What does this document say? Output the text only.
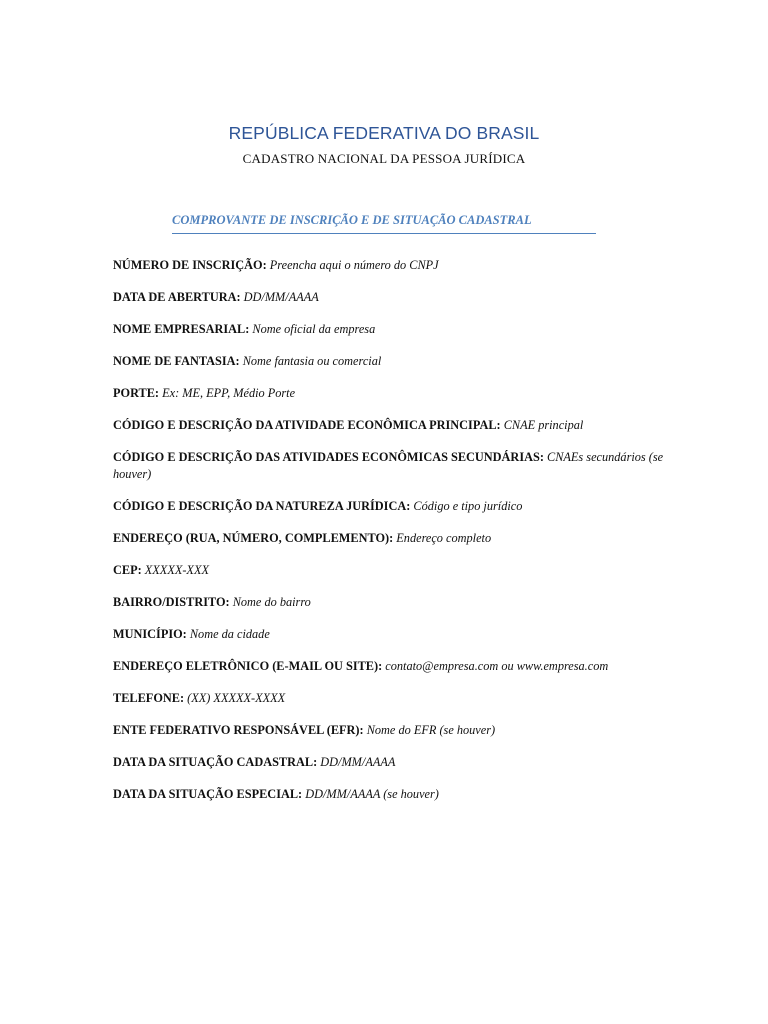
REPÚBLICA FEDERATIVA DO BRASIL
CADASTRO NACIONAL DA PESSOA JURÍDICA
COMPROVANTE DE INSCRIÇÃO E DE SITUAÇÃO CADASTRAL
NÚMERO DE INSCRIÇÃO: Preencha aqui o número do CNPJ
DATA DE ABERTURA: DD/MM/AAAA
NOME EMPRESARIAL: Nome oficial da empresa
NOME DE FANTASIA: Nome fantasia ou comercial
PORTE: Ex: ME, EPP, Médio Porte
CÓDIGO E DESCRIÇÃO DA ATIVIDADE ECONÔMICA PRINCIPAL: CNAE principal
CÓDIGO E DESCRIÇÃO DAS ATIVIDADES ECONÔMICAS SECUNDÁRIAS: CNAEs secundários (se houver)
CÓDIGO E DESCRIÇÃO DA NATUREZA JURÍDICA: Código e tipo jurídico
ENDEREÇO (RUA, NÚMERO, COMPLEMENTO): Endereço completo
CEP: XXXXX-XXX
BAIRRO/DISTRITO: Nome do bairro
MUNICÍPIO: Nome da cidade
ENDEREÇO ELETRÔNICO (E-MAIL OU SITE): contato@empresa.com ou www.empresa.com
TELEFONE: (XX) XXXXX-XXXX
ENTE FEDERATIVO RESPONSÁVEL (EFR): Nome do EFR (se houver)
DATA DA SITUAÇÃO CADASTRAL: DD/MM/AAAA
DATA DA SITUAÇÃO ESPECIAL: DD/MM/AAAA (se houver)
